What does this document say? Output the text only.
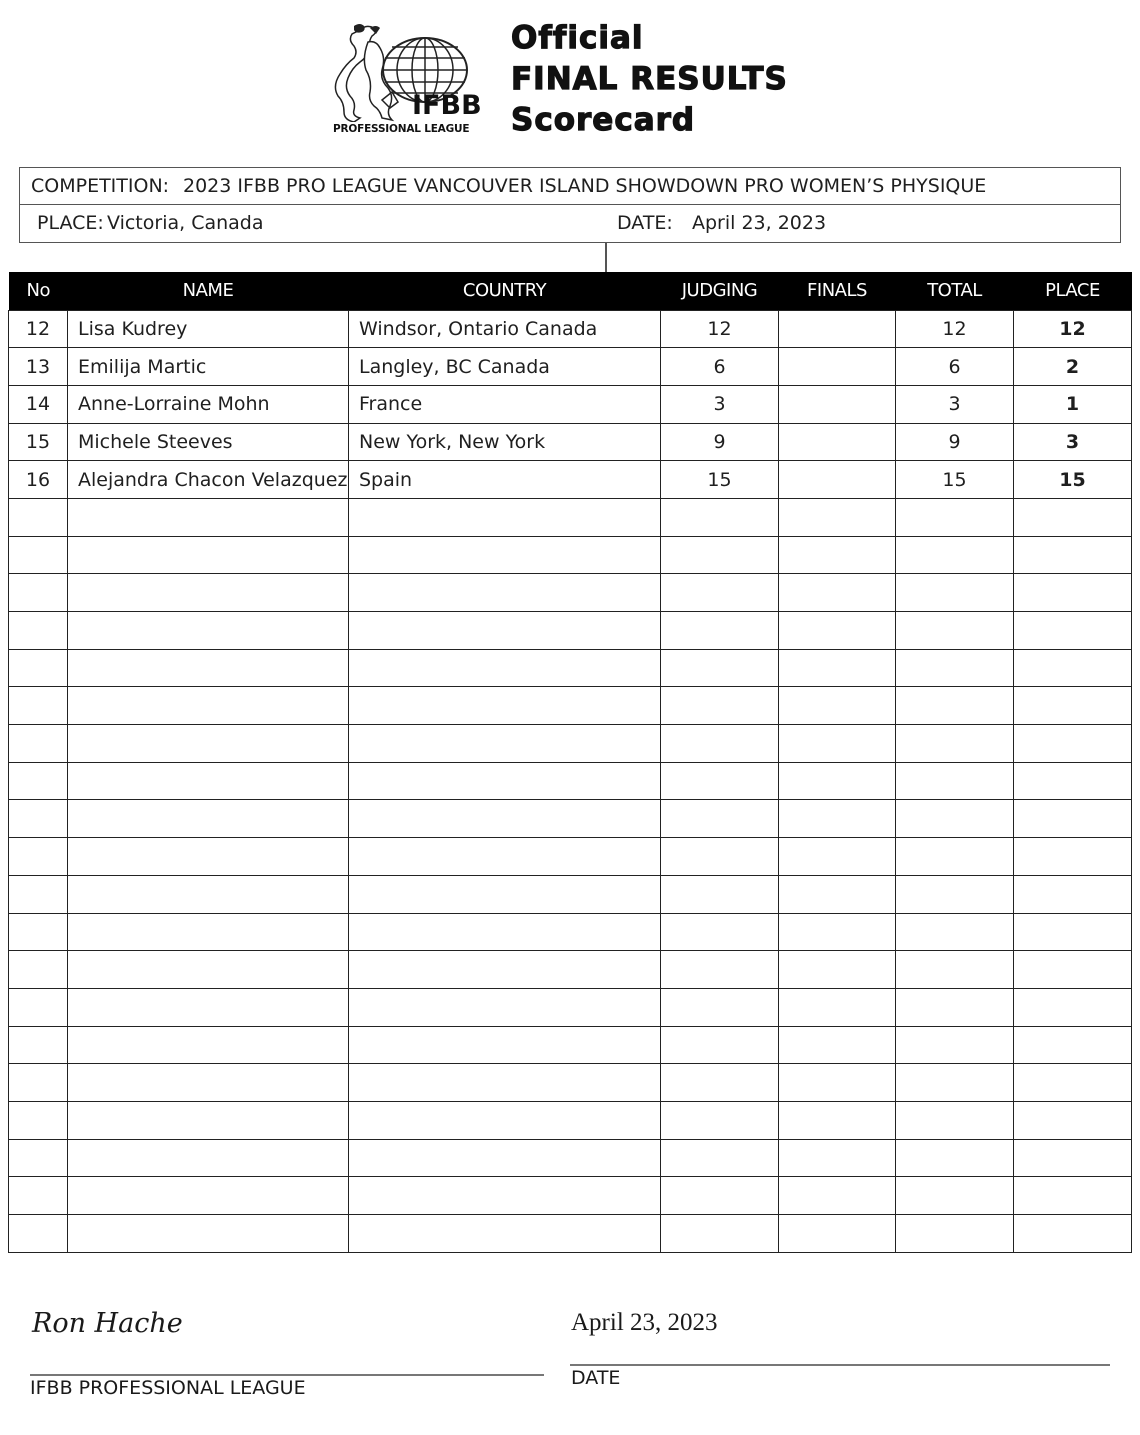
IFBB
PROFESSIONAL LEAGUE
Official
FINAL RESULTS
Scorecard
COMPETITION: 2023 IFBB PRO LEAGUE VANCOUVER ISLAND SHOWDOWN PRO WOMEN’S PHYSIQUE
PLACE: Victoria, Canada	DATE: April 23, 2023
No	NAME	COUNTRY	JUDGING	FINALS	TOTAL	PLACE
12	Lisa Kudrey	Windsor, Ontario Canada	12		12	12
13	Emilija Martic	Langley, BC Canada	6		6	2
14	Anne-Lorraine Mohn	France	3		3	1
15	Michele Steeves	New York, New York	9		9	3
16	Alejandra Chacon Velazquez	Spain	15		15	15

Ron Hache
IFBB PROFESSIONAL LEAGUE
April 23, 2023
DATE
